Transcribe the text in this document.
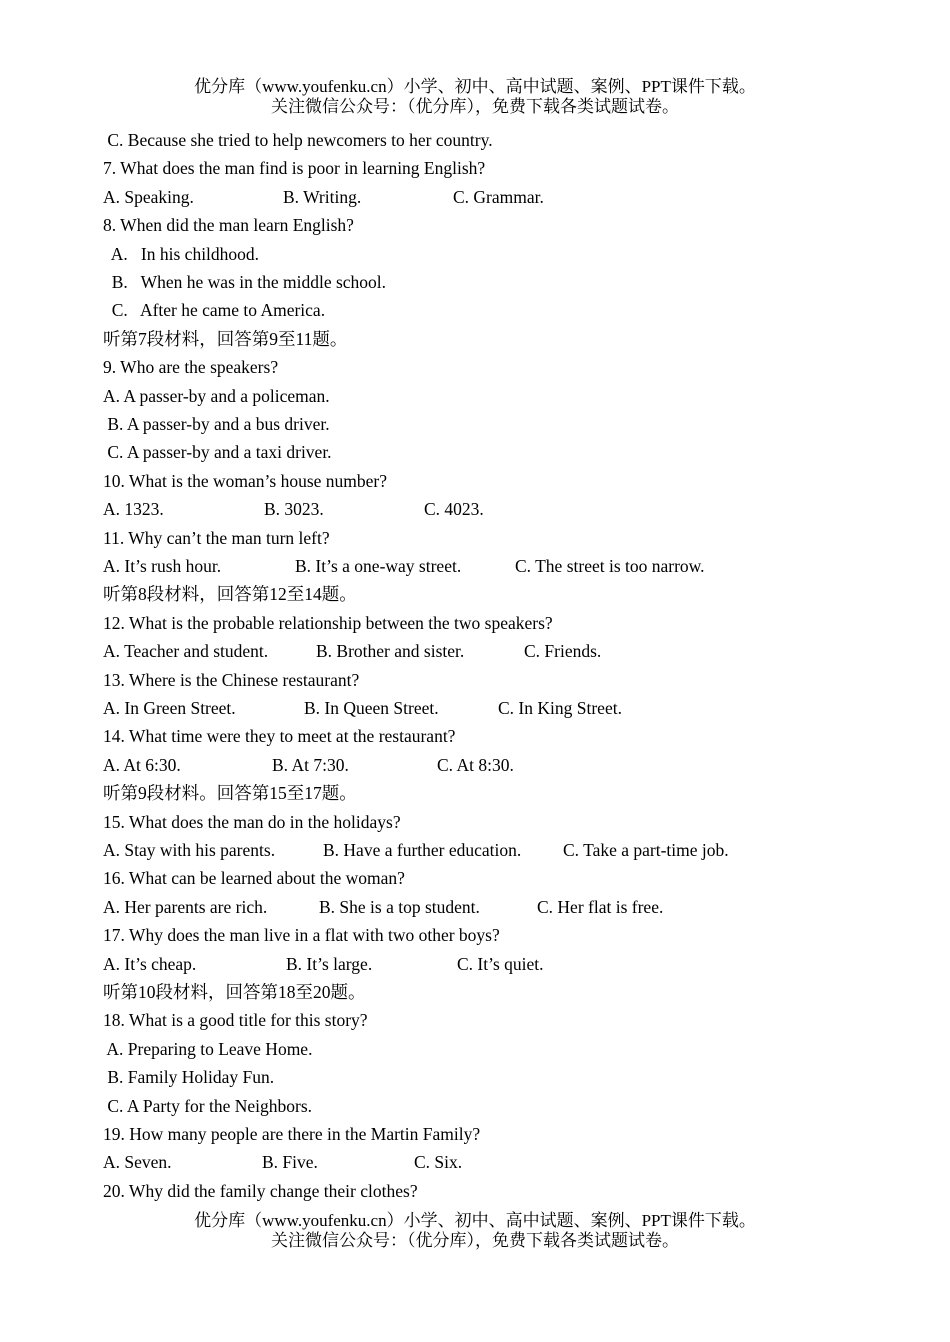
优分库（www.youfenku.cn）小学、初中、高中试题、案例、PPT课件下载。
关注微信公众号：（优分库），免费下载各类试题试卷。
C. Because she tried to help newcomers to her country.
7. What does the man find is poor in learning English?
A. Speaking.	B. Writing.	C. Grammar.
8. When did the man learn English?
A.   In his childhood.
B.   When he was in the middle school.
C.   After he came to America.
听第7段材料，回答第9至11题。
9. Who are the speakers?
A. A passer-by and a policeman.
B. A passer-by and a bus driver.
C. A passer-by and a taxi driver.
10. What is the woman’s house number?
A. 1323.	B. 3023.	C. 4023.
11. Why can’t the man turn left?
A. It’s rush hour.	B. It’s a one-way street.	C. The street is too narrow.
听第8段材料，回答第12至14题。
12. What is the probable relationship between the two speakers?
A. Teacher and student.	B. Brother and sister.	C. Friends.
13. Where is the Chinese restaurant?
A. In Green Street.	B. In Queen Street.	C. In King Street.
14. What time were they to meet at the restaurant?
A. At 6:30.	B. At 7:30.	C. At 8:30.
听第9段材料。回答第15至17题。
15. What does the man do in the holidays?
A. Stay with his parents.	B. Have a further education. C. Take a part-time job.
16. What can be learned about the woman?
A. Her parents are rich.	B. She is a top student.	C. Her flat is free.
17. Why does the man live in a flat with two other boys?
A. It’s cheap.	B. It’s large.	C. It’s quiet.
听第10段材料，回答第18至20题。
18. What is a good title for this story?
A. Preparing to Leave Home.
B. Family Holiday Fun.
C. A Party for the Neighbors.
19. How many people are there in the Martin Family?
A. Seven.	B. Five.	C. Six.
20. Why did the family change their clothes?
优分库（www.youfenku.cn）小学、初中、高中试题、案例、PPT课件下载。
关注微信公众号：（优分库），免费下载各类试题试卷。
